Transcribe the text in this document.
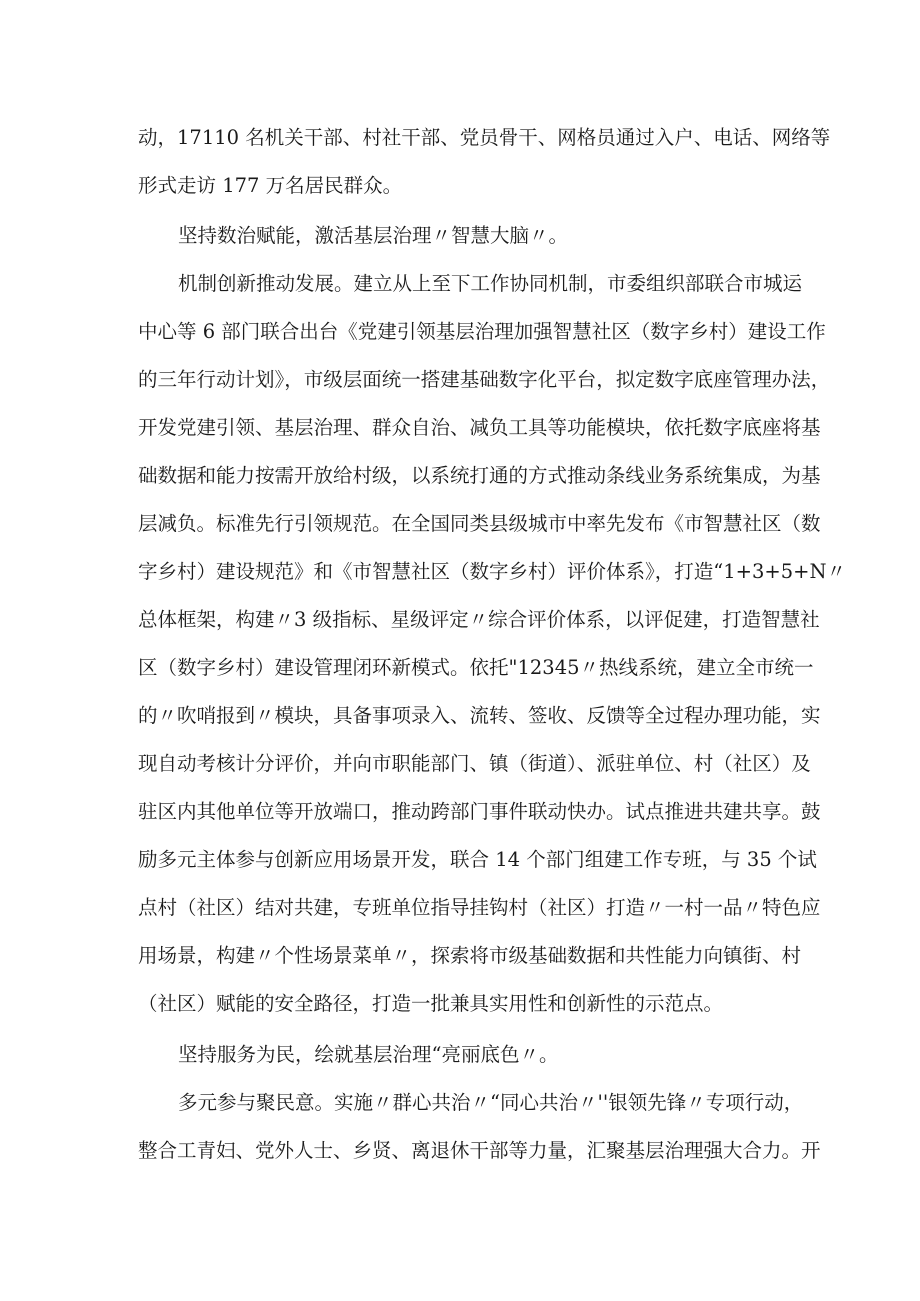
动，17110 名机关干部、村社干部、党员骨干、网格员通过入户、电话、网络等
形式走访 177 万名居民群众。
坚持数治赋能，激活基层治理〃智慧大脑〃。
机制创新推动发展。建立从上至下工作协同机制，市委组织部联合市城运
中心等 6 部门联合出台《党建引领基层治理加强智慧社区（数字乡村）建设工作
的三年行动计划》，市级层面统一搭建基础数字化平台，拟定数字底座管理办法，
开发党建引领、基层治理、群众自治、减负工具等功能模块，依托数字底座将基
础数据和能力按需开放给村级，以系统打通的方式推动条线业务系统集成，为基
层减负。标准先行引领规范。在全国同类县级城市中率先发布《市智慧社区（数
字乡村）建设规范》和《市智慧社区（数字乡村）评价体系》，打造“1+3+5+N〃
总体框架，构建〃3 级指标、星级评定〃综合评价体系，以评促建，打造智慧社
区（数字乡村）建设管理闭环新模式。依托"12345〃热线系统，建立全市统一
的〃吹哨报到〃模块，具备事项录入、流转、签收、反馈等全过程办理功能，实
现自动考核计分评价，并向市职能部门、镇（街道）、派驻单位、村（社区）及
驻区内其他单位等开放端口，推动跨部门事件联动快办。试点推进共建共享。鼓
励多元主体参与创新应用场景开发，联合 14 个部门组建工作专班，与 35 个试
点村（社区）结对共建，专班单位指导挂钩村（社区）打造〃一村一品〃特色应
用场景，构建〃个性场景菜单〃，探索将市级基础数据和共性能力向镇街、村
（社区）赋能的安全路径，打造一批兼具实用性和创新性的示范点。
坚持服务为民，绘就基层治理“亮丽底色〃。
多元参与聚民意。实施〃群心共治〃“同心共治〃''银领先锋〃专项行动，
整合工青妇、党外人士、乡贤、离退休干部等力量，汇聚基层治理强大合力。开
